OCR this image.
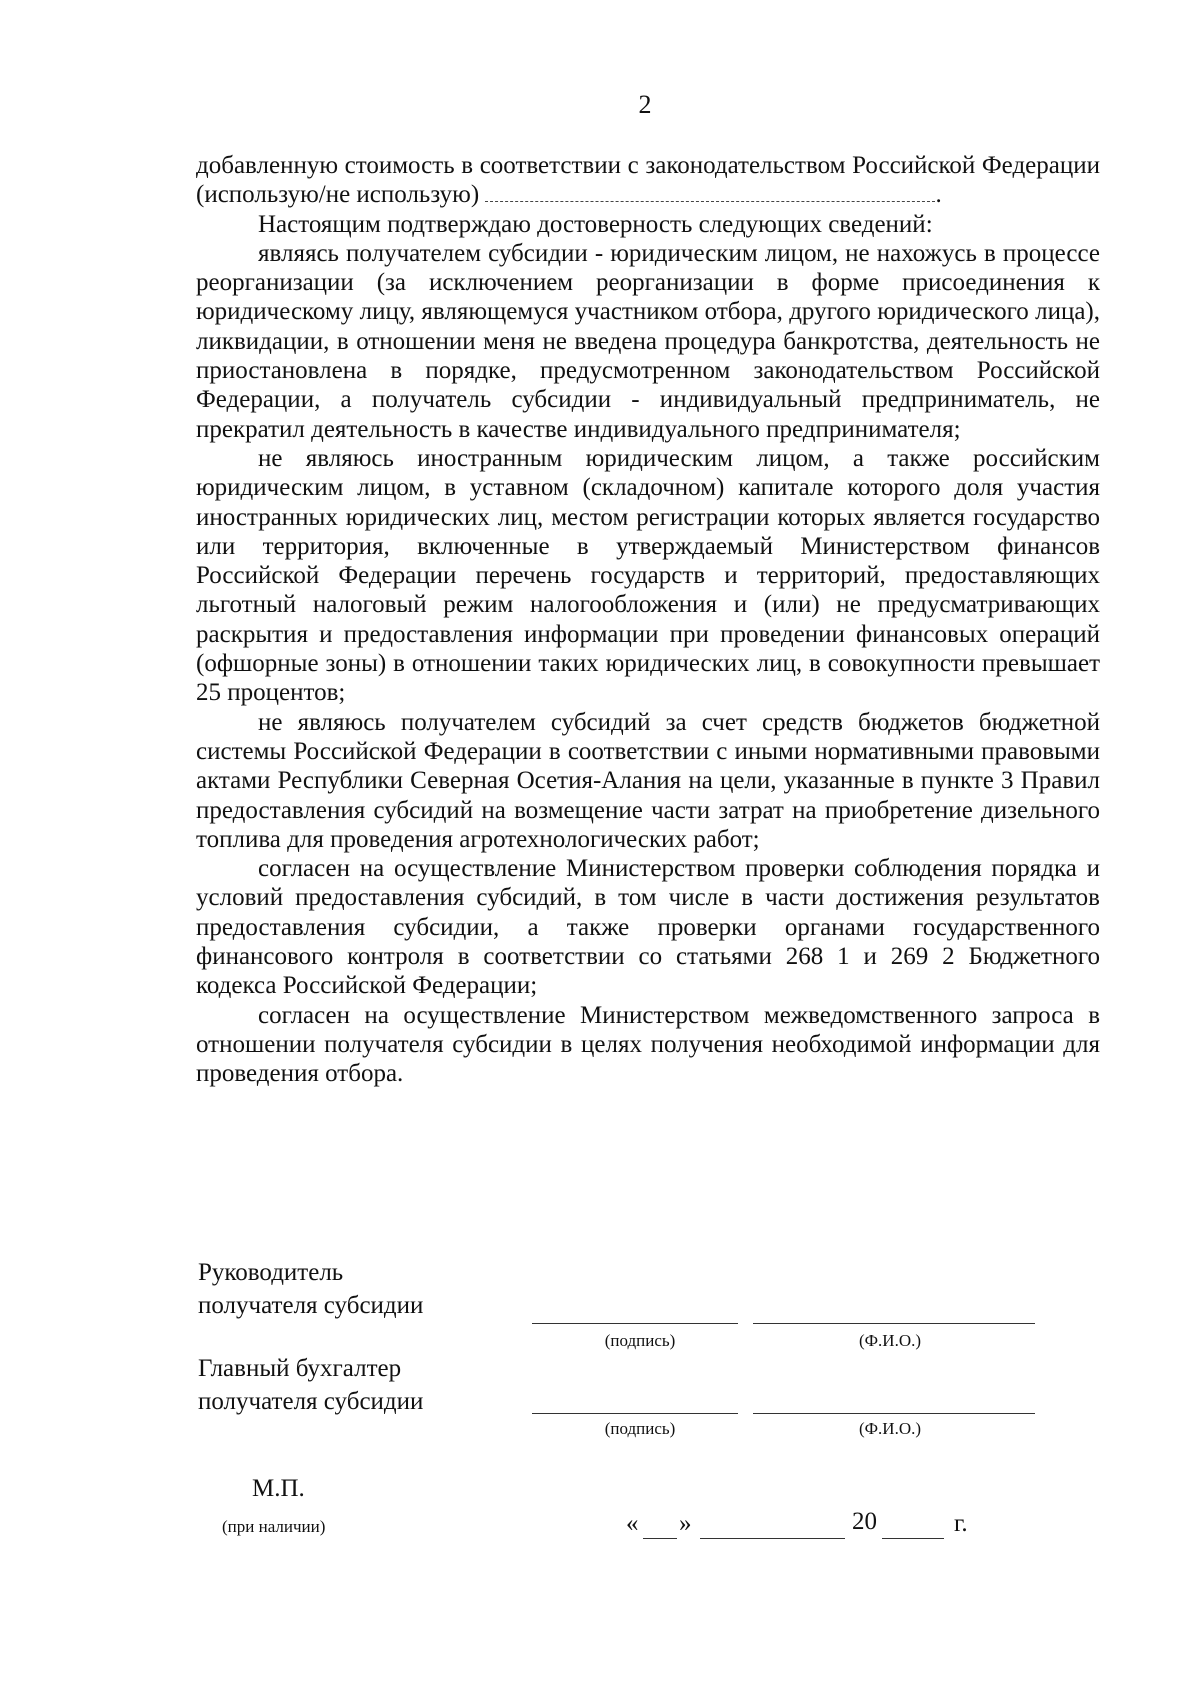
2

добавленную стоимость в соответствии с законодательством Российской Федерации (использую/не использую)	.

Настоящим подтверждаю достоверность следующих сведений:

являясь получателем субсидии - юридическим лицом, не нахожусь в процессе реорганизации (за исключением реорганизации в форме присоединения к юридическому лицу, являющемуся участником отбора, другого юридического лица), ликвидации, в отношении меня не введена процедура банкротства, деятельность не приостановлена в порядке, предусмотренном законодательством Российской Федерации, а получатель субсидии - индивидуальный предприниматель, не прекратил деятельность в качестве индивидуального предпринимателя;

не являюсь иностранным юридическим лицом, а также российским юридическим лицом, в уставном (складочном) капитале которого доля участия иностранных юридических лиц, местом регистрации которых является государство или территория, включенные в утверждаемый Министерством финансов Российской Федерации перечень государств и территорий, предоставляющих льготный налоговый режим налогообложения и (или) не предусматривающих раскрытия и предоставления информации при проведении финансовых операций (офшорные зоны) в отношении таких юридических лиц, в совокупности превышает 25 процентов;

не являюсь получателем субсидий за счет средств бюджетов бюджетной системы Российской Федерации в соответствии с иными нормативными правовыми актами Республики Северная Осетия-Алания на цели, указанные в пункте 3 Правил предоставления субсидий на возмещение части затрат на приобретение дизельного топлива для проведения агротехнологических работ;

согласен на осуществление Министерством проверки соблюдения порядка и условий предоставления субсидий, в том числе в части достижения результатов предоставления субсидии, а также проверки органами государственного финансового контроля в соответствии со статьями 268 1 и 269 2 Бюджетного кодекса Российской Федерации;

согласен на осуществление Министерством межведомственного запроса в отношении получателя субсидии в целях получения необходимой информации для проведения отбора.

Руководитель
получателя субсидии
(подпись)	(Ф.И.О.)
Главный бухгалтер
получателя субсидии
(подпись)	(Ф.И.О.)
М.П.
(при наличии)	« »	20	г.
